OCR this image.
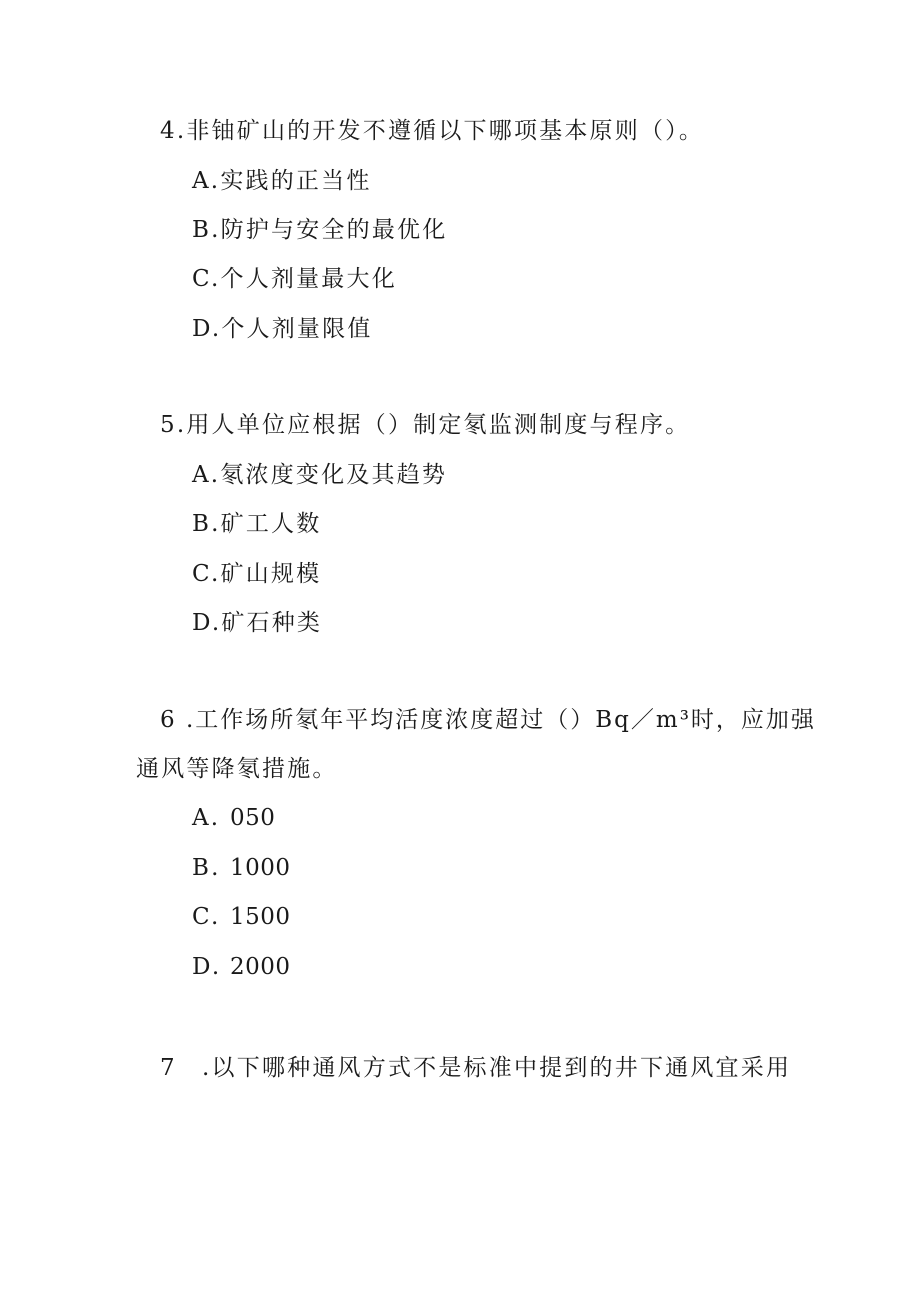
4.非铀矿山的开发不遵循以下哪项基本原则（）。
A.实践的正当性
B.防护与安全的最优化
C.个人剂量最大化
D.个人剂量限值
5.用人单位应根据（）制定氡监测制度与程序。
A.氡浓度变化及其趋势
B.矿工人数
C.矿山规模
D.矿石种类
6 .工作场所氡年平均活度浓度超过（）Bq／m³时，应加强
通风等降氡措施。
A. 050
B. 1000
C. 1500
D. 2000
7　.以下哪种通风方式不是标准中提到的井下通风宜采用
